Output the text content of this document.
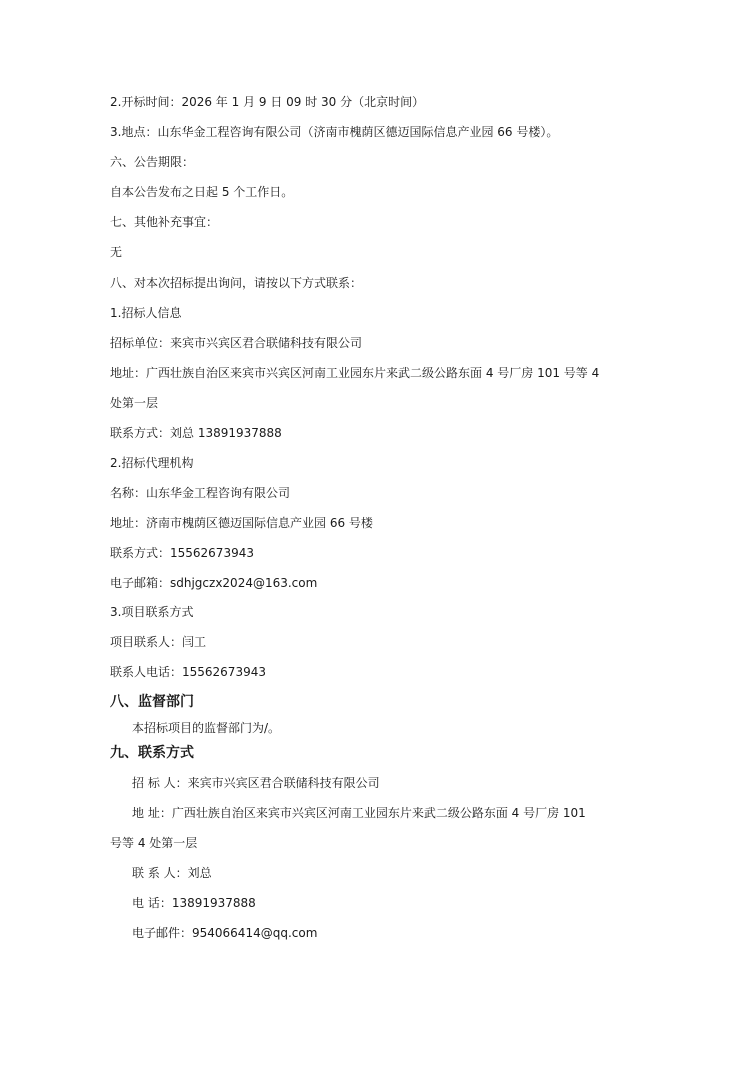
2.开标时间：2026 年 1 月 9 日 09 时 30 分（北京时间）
3.地点：山东华金工程咨询有限公司（济南市槐荫区德迈国际信息产业园 66 号楼）。
六、公告期限：
自本公告发布之日起 5 个工作日。
七、其他补充事宜：
无
八、对本次招标提出询问，请按以下方式联系：
1.招标人信息
招标单位：来宾市兴宾区君合联储科技有限公司
地址：广西壮族自治区来宾市兴宾区河南工业园东片来武二级公路东面 4 号厂房 101 号等 4
处第一层
联系方式：刘总 13891937888
2.招标代理机构
名称：山东华金工程咨询有限公司
地址：济南市槐荫区德迈国际信息产业园 66 号楼
联系方式：15562673943
电子邮箱：sdhjgczx2024@163.com
3.项目联系方式
项目联系人：闫工
联系人电话：15562673943
八、监督部门
本招标项目的监督部门为/。
九、联系方式
招 标 人：来宾市兴宾区君合联储科技有限公司
地 址：广西壮族自治区来宾市兴宾区河南工业园东片来武二级公路东面 4 号厂房 101
号等 4 处第一层
联 系 人：刘总
电 话：13891937888
电子邮件：954066414@qq.com
